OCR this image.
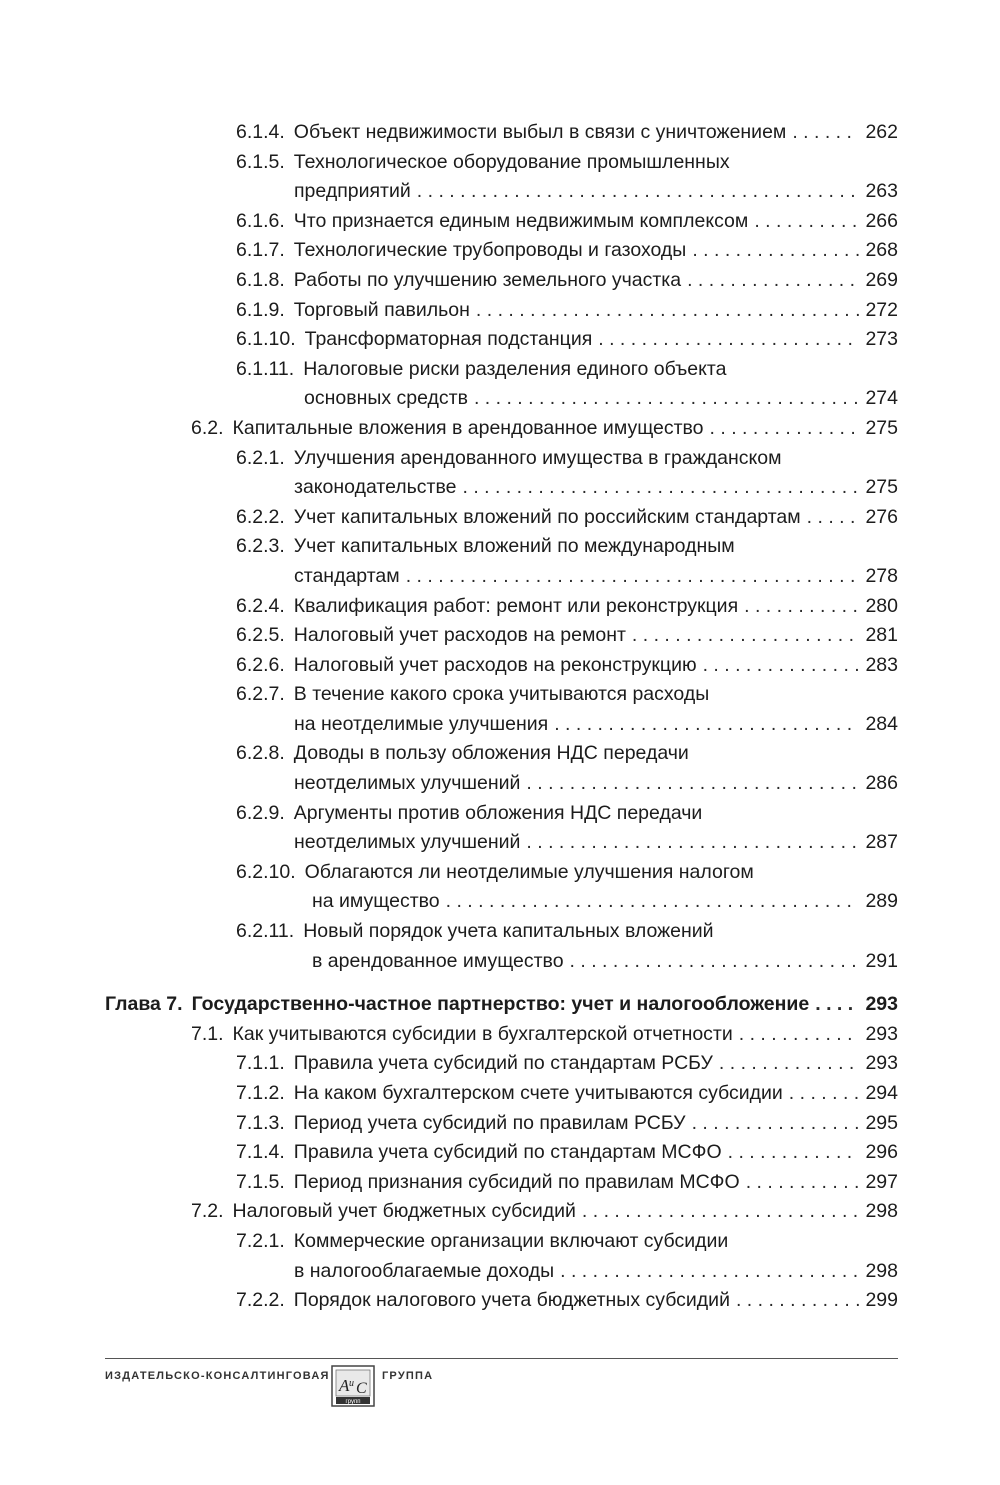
6.1.4. Объект недвижимости выбыл в связи с уничтожением . . .	262
6.1.5. Технологическое оборудование промышленных
предприятий . . .	263
6.1.6. Что признается единым недвижимым комплексом . . .	266
6.1.7. Технологические трубопроводы и газоходы . . .	268
6.1.8. Работы по улучшению земельного участка . . .	269
6.1.9. Торговый павильон . . .	272
6.1.10. Трансформаторная подстанция . . .	273
6.1.11. Налоговые риски разделения единого объекта
основных средств . . .	274
6.2. Капитальные вложения в арендованное имущество . . .	275
6.2.1. Улучшения арендованного имущества в гражданском
законодательстве . . .	275
6.2.2. Учет капитальных вложений по российским стандартам . . .	276
6.2.3. Учет капитальных вложений по международным
стандартам . . .	278
6.2.4. Квалификация работ: ремонт или реконструкция . . .	280
6.2.5. Налоговый учет расходов на ремонт . . .	281
6.2.6. Налоговый учет расходов на реконструкцию . . .	283
6.2.7. В течение какого срока учитываются расходы
на неотделимые улучшения . . .	284
6.2.8. Доводы в пользу обложения НДС передачи
неотделимых улучшений . . .	286
6.2.9. Аргументы против обложения НДС передачи
неотделимых улучшений . . .	287
6.2.10. Облагаются ли неотделимые улучшения налогом
на имущество . . .	289
6.2.11. Новый порядок учета капитальных вложений
в арендованное имущество . . .	291
Глава 7. Государственно-частное партнерство: учет и налогообложение . . .	293
7.1. Как учитываются субсидии в бухгалтерской отчетности . . .	293
7.1.1. Правила учета субсидий по стандартам РСБУ . . .	293
7.1.2. На каком бухгалтерском счете учитываются субсидии . . .	294
7.1.3. Период учета субсидий по правилам РСБУ . . .	295
7.1.4. Правила учета субсидий по стандартам МСФО . . .	296
7.1.5. Период признания субсидий по правилам МСФО . . .	297
7.2. Налоговый учет бюджетных субсидий . . .	298
7.2.1. Коммерческие организации включают субсидии
в налогооблагаемые доходы . . .	298
7.2.2. Порядок налогового учета бюджетных субсидий . . .	299
ИЗДАТЕЛЬСКО-КОНСАЛТИНГОВАЯ А и С
групп
ГРУППА
